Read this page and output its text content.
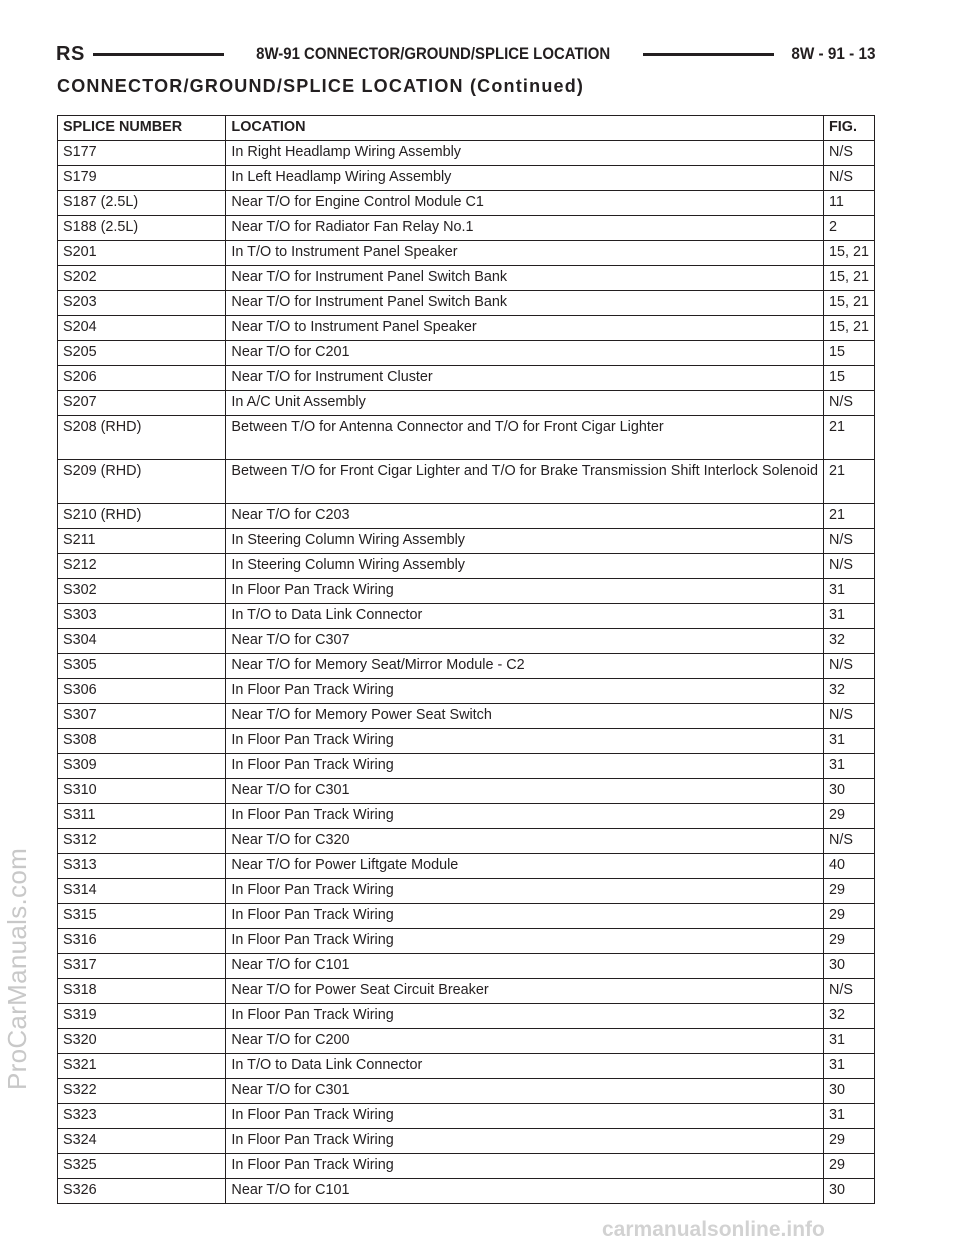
RS	8W-91 CONNECTOR/GROUND/SPLICE LOCATION	8W - 91 - 13
CONNECTOR/GROUND/SPLICE LOCATION (Continued)
SPLICE NUMBER	LOCATION	FIG.
S177	In Right Headlamp Wiring Assembly	N/S
S179	In Left Headlamp Wiring Assembly	N/S
S187 (2.5L)	Near T/O for Engine Control Module C1	11
S188 (2.5L)	Near T/O for Radiator Fan Relay No.1	2
S201	In T/O to Instrument Panel Speaker	15, 21
S202	Near T/O for Instrument Panel Switch Bank	15, 21
S203	Near T/O for Instrument Panel Switch Bank	15, 21
S204	Near T/O to Instrument Panel Speaker	15, 21
S205	Near T/O for C201	15
S206	Near T/O for Instrument Cluster	15
S207	In A/C Unit Assembly	N/S
S208 (RHD)	Between T/O for Antenna Connector and T/O for Front Cigar Lighter	21
S209 (RHD)	Between T/O for Front Cigar Lighter and T/O for Brake Transmission Shift Interlock Solenoid	21
S210 (RHD)	Near T/O for C203	21
S211	In Steering Column Wiring Assembly	N/S
S212	In Steering Column Wiring Assembly	N/S
S302	In Floor Pan Track Wiring	31
S303	In T/O to Data Link Connector	31
S304	Near T/O for C307	32
S305	Near T/O for Memory Seat/Mirror Module - C2	N/S
S306	In Floor Pan Track Wiring	32
S307	Near T/O for Memory Power Seat Switch	N/S
S308	In Floor Pan Track Wiring	31
S309	In Floor Pan Track Wiring	31
S310	Near T/O for C301	30
S311	In Floor Pan Track Wiring	29
S312	Near T/O for C320	N/S
S313	Near T/O for Power Liftgate Module	40
S314	In Floor Pan Track Wiring	29
S315	In Floor Pan Track Wiring	29
S316	In Floor Pan Track Wiring	29
S317	Near T/O for C101	30
S318	Near T/O for Power Seat Circuit Breaker	N/S
S319	In Floor Pan Track Wiring	32
S320	Near T/O for C200	31
S321	In T/O to Data Link Connector	31
S322	Near T/O for C301	30
S323	In Floor Pan Track Wiring	31
S324	In Floor Pan Track Wiring	29
S325	In Floor Pan Track Wiring	29
S326	Near T/O for C101	30
ProCarManuals.com
carmanualsonline.info
